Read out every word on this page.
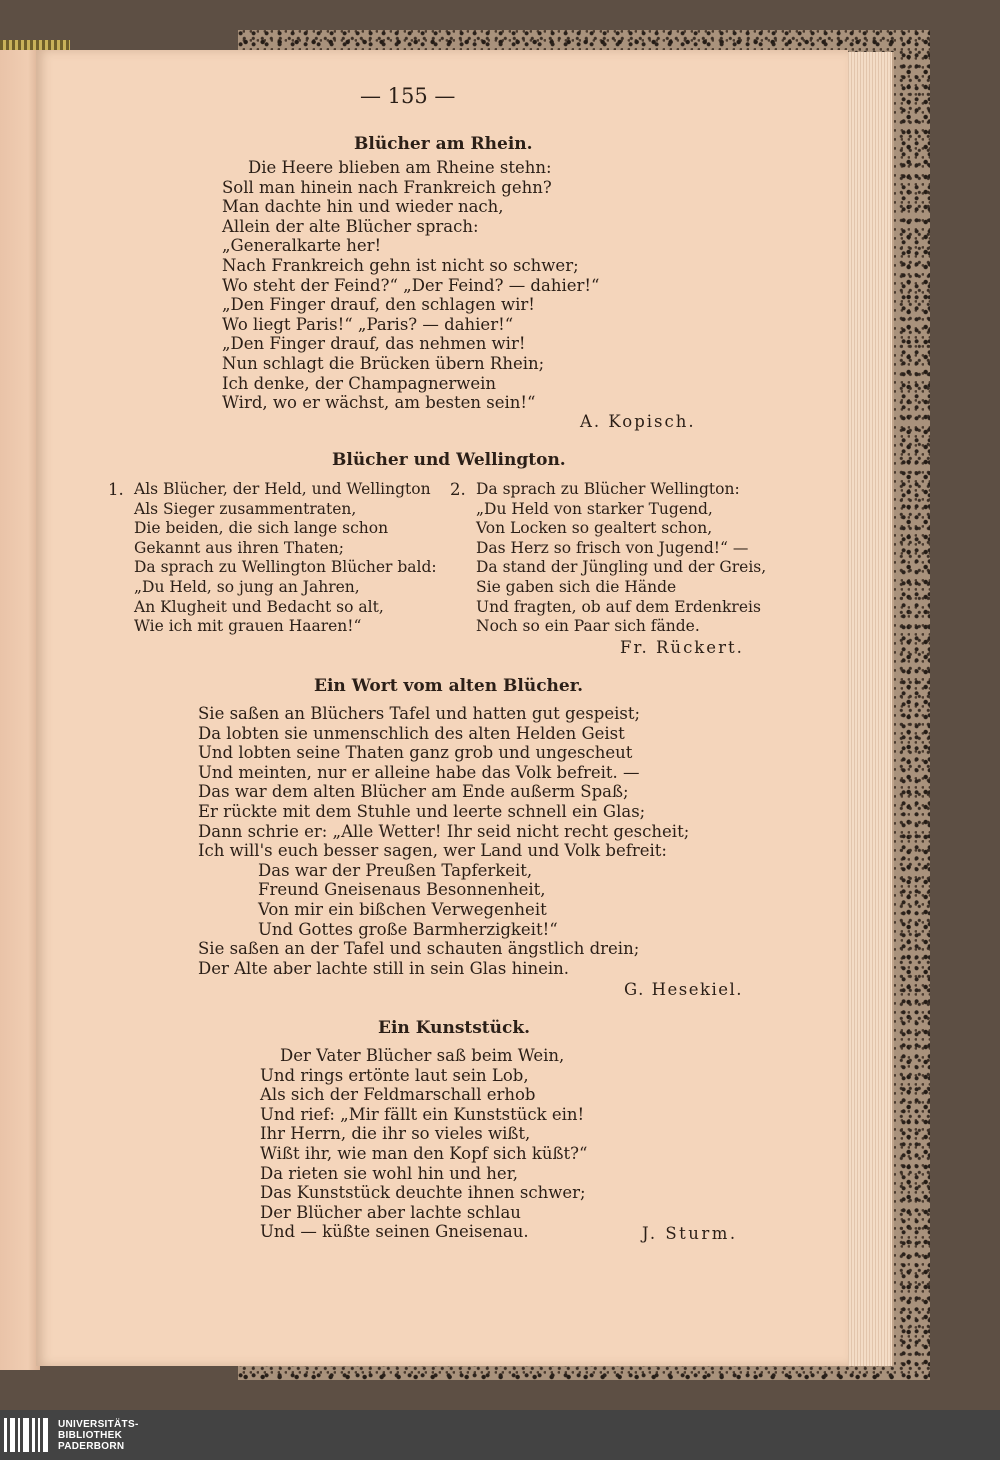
— 155 —
Blücher am Rhein.
Die Heere blieben am Rheine stehn:
Soll man hinein nach Frankreich gehn?
Man dachte hin und wieder nach,
Allein der alte Blücher sprach:
„Generalkarte her!
Nach Frankreich gehn ist nicht so schwer;
Wo steht der Feind?“ „Der Feind? — dahier!“
„Den Finger drauf, den schlagen wir!
Wo liegt Paris!“ „Paris? — dahier!“
„Den Finger drauf, das nehmen wir!
Nun schlagt die Brücken übern Rhein;
Ich denke, der Champagnerwein
Wird, wo er wächst, am besten sein!“
A. Kopisch.
Blücher und Wellington.
1. Als Blücher, der Held, und Wellington
Als Sieger zusammentraten,
Die beiden, die sich lange schon
Gekannt aus ihren Thaten;
Da sprach zu Wellington Blücher bald:
„Du Held, so jung an Jahren,
An Klugheit und Bedacht so alt,
Wie ich mit grauen Haaren!“
2. Da sprach zu Blücher Wellington:
„Du Held von starker Tugend,
Von Locken so gealtert schon,
Das Herz so frisch von Jugend!“ —
Da stand der Jüngling und der Greis,
Sie gaben sich die Hände
Und fragten, ob auf dem Erdenkreis
Noch so ein Paar sich fände.
Fr. Rückert.
Ein Wort vom alten Blücher.
Sie saßen an Blüchers Tafel und hatten gut gespeist;
Da lobten sie unmenschlich des alten Helden Geist
Und lobten seine Thaten ganz grob und ungescheut
Und meinten, nur er alleine habe das Volk befreit. —
Das war dem alten Blücher am Ende außerm Spaß;
Er rückte mit dem Stuhle und leerte schnell ein Glas;
Dann schrie er: „Alle Wetter! Ihr seid nicht recht gescheit;
Ich will's euch besser sagen, wer Land und Volk befreit:
Das war der Preußen Tapferkeit,
Freund Gneisenaus Besonnenheit,
Von mir ein bißchen Verwegenheit
Und Gottes große Barmherzigkeit!“
Sie saßen an der Tafel und schauten ängstlich drein;
Der Alte aber lachte still in sein Glas hinein.
G. Hesekiel.
Ein Kunststück.
Der Vater Blücher saß beim Wein,
Und rings ertönte laut sein Lob,
Als sich der Feldmarschall erhob
Und rief: „Mir fällt ein Kunststück ein!
Ihr Herrn, die ihr so vieles wißt,
Wißt ihr, wie man den Kopf sich küßt?“
Da rieten sie wohl hin und her,
Das Kunststück deuchte ihnen schwer;
Der Blücher aber lachte schlau
Und — küßte seinen Gneisenau.	J. Sturm.
UNIVERSITÄTS-
BIBLIOTHEK
PADERBORN
